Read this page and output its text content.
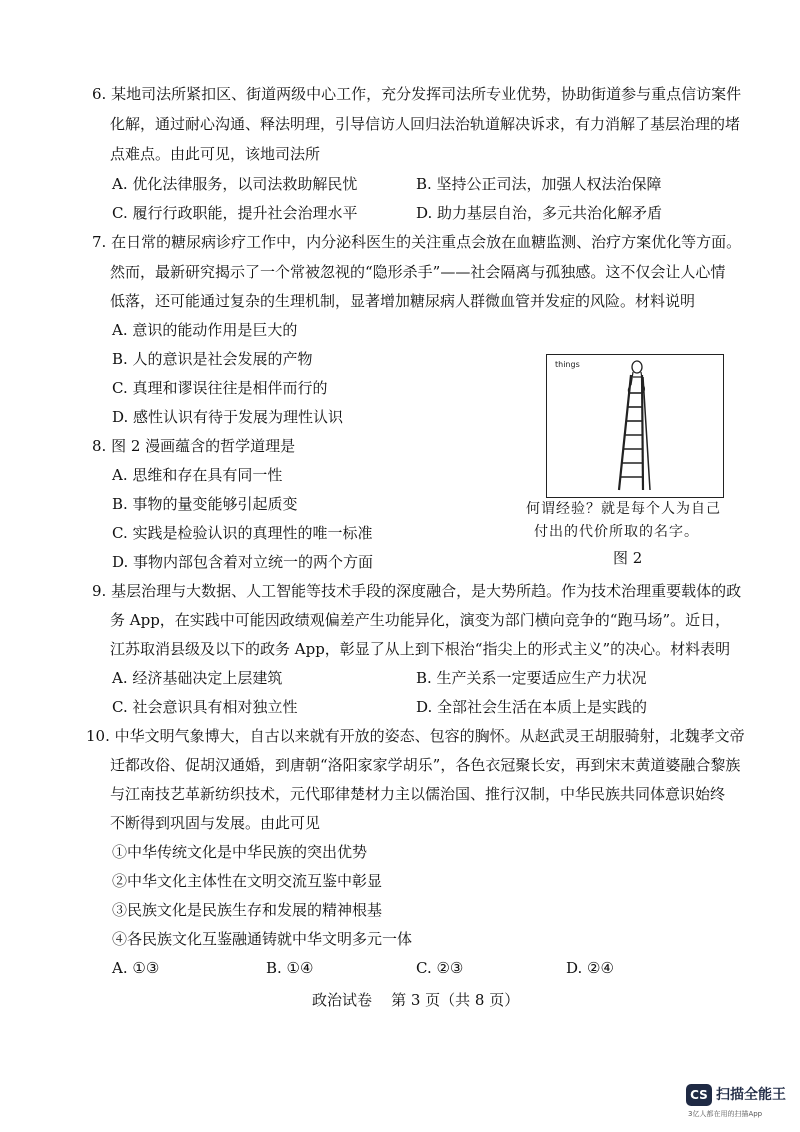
6. 某地司法所紧扣区、街道两级中心工作，充分发挥司法所专业优势，协助街道参与重点信访案件
化解，通过耐心沟通、释法明理，引导信访人回归法治轨道解决诉求，有力消解了基层治理的堵
点难点。由此可见，该地司法所
A. 优化法律服务，以司法救助解民忧	B. 坚持公正司法，加强人权法治保障
C. 履行行政职能，提升社会治理水平	D. 助力基层自治，多元共治化解矛盾
7. 在日常的糖尿病诊疗工作中，内分泌科医生的关注重点会放在血糖监测、治疗方案优化等方面。
然而，最新研究揭示了一个常被忽视的“隐形杀手”——社会隔离与孤独感。这不仅会让人心情
低落，还可能通过复杂的生理机制，显著增加糖尿病人群微血管并发症的风险。材料说明
A. 意识的能动作用是巨大的
B. 人的意识是社会发展的产物
C. 真理和谬误往往是相伴而行的
D. 感性认识有待于发展为理性认识
8. 图 2 漫画蕴含的哲学道理是
A. 思维和存在具有同一性
B. 事物的量变能够引起质变
C. 实践是检验认识的真理性的唯一标准
D. 事物内部包含着对立统一的两个方面
things
何谓经验？就是每个人为自己
付出的代价所取的名字。
图 2
9. 基层治理与大数据、人工智能等技术手段的深度融合，是大势所趋。作为技术治理重要载体的政
务 App，在实践中可能因政绩观偏差产生功能异化，演变为部门横向竞争的“跑马场”。近日，
江苏取消县级及以下的政务 App，彰显了从上到下根治“指尖上的形式主义”的决心。材料表明
A. 经济基础决定上层建筑	B. 生产关系一定要适应生产力状况
C. 社会意识具有相对独立性	D. 全部社会生活在本质上是实践的
10. 中华文明气象博大，自古以来就有开放的姿态、包容的胸怀。从赵武灵王胡服骑射，北魏孝文帝
迁都改俗、促胡汉通婚，到唐朝“洛阳家家学胡乐”，各色衣冠聚长安，再到宋末黄道婆融合黎族
与江南技艺革新纺织技术，元代耶律楚材力主以儒治国、推行汉制，中华民族共同体意识始终
不断得到巩固与发展。由此可见
①中华传统文化是中华民族的突出优势
②中华文化主体性在文明交流互鉴中彰显
③民族文化是民族生存和发展的精神根基
④各民族文化互鉴融通铸就中华文明多元一体
A. ①③	B. ①④	C. ②③	D. ②④
政治试卷    第 3 页（共 8 页）
CS 扫描全能王
3亿人都在用的扫描App
